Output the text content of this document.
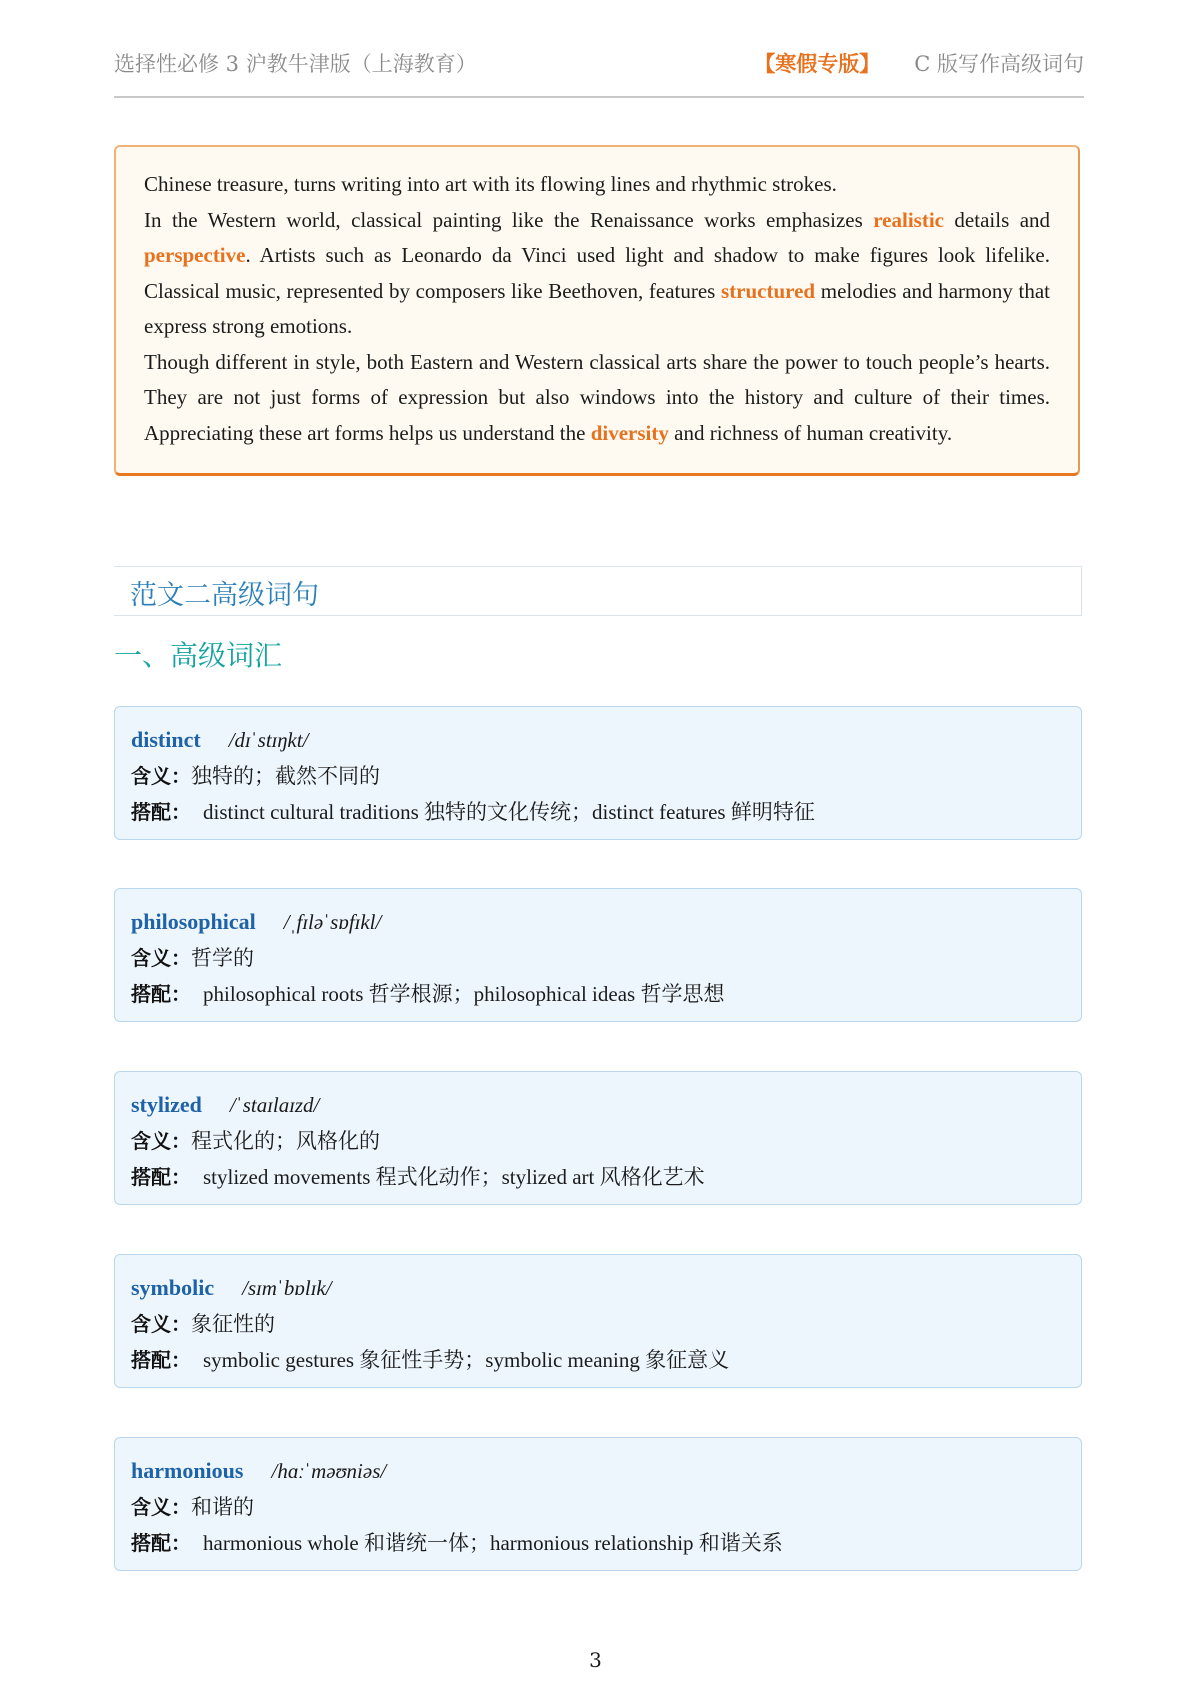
选择性必修 3 沪教牛津版（上海教育）	【寒假专版】 C 版写作高级词句

Chinese treasure, turns writing into art with its flowing lines and rhythmic strokes.

In the Western world, classical painting like the Renaissance works emphasizes realistic details and perspective. Artists such as Leonardo da Vinci used light and shadow to make figures look lifelike. Classical music, represented by composers like Beethoven, features structured melodies and harmony that express strong emotions.

Though different in style, both Eastern and Western classical arts share the power to touch people’s hearts. They are not just forms of expression but also windows into the history and culture of their times. Appreciating these art forms helps us understand the diversity and richness of human creativity.

范文二高级词句
一、高级词汇
distinct /dɪˈstɪŋkt/
含义：独特的；截然不同的
搭配： distinct cultural traditions 独特的文化传统；distinct features 鲜明特征
philosophical /ˌfɪləˈsɒfɪkl/
含义：哲学的
搭配： philosophical roots 哲学根源；philosophical ideas 哲学思想
stylized /ˈstaɪlaɪzd/
含义：程式化的；风格化的
搭配： stylized movements 程式化动作；stylized art 风格化艺术
symbolic /sɪmˈbɒlɪk/
含义：象征性的
搭配： symbolic gestures 象征性手势；symbolic meaning 象征意义
harmonious /hɑːˈməʊniəs/
含义：和谐的
搭配： harmonious whole 和谐统一体；harmonious relationship 和谐关系
3
